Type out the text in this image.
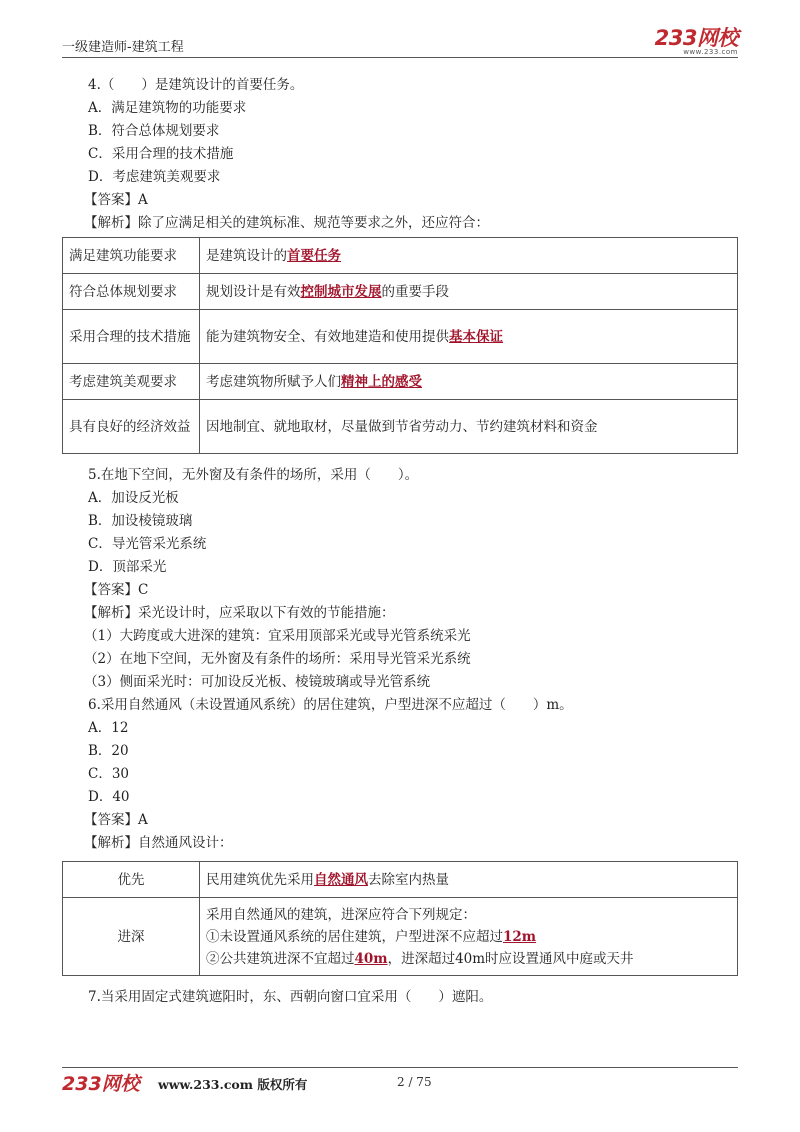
一级建造师-建筑工程	233网校
www.233.com
4.（　　）是建筑设计的首要任务。
A．满足建筑物的功能要求
B．符合总体规划要求
C．采用合理的技术措施
D．考虑建筑美观要求
【答案】A
【解析】除了应满足相关的建筑标准、规范等要求之外，还应符合：
满足建筑功能要求	是建筑设计的首要任务
符合总体规划要求	规划设计是有效控制城市发展的重要手段
采用合理的技术措施	能为建筑物安全、有效地建造和使用提供基本保证
考虑建筑美观要求	考虑建筑物所赋予人们精神上的感受
具有良好的经济效益	因地制宜、就地取材，尽量做到节省劳动力、节约建筑材料和资金
5.在地下空间，无外窗及有条件的场所，采用（　　）。
A．加设反光板
B．加设棱镜玻璃
C．导光管采光系统
D．顶部采光
【答案】C
【解析】采光设计时，应采取以下有效的节能措施：
（1）大跨度或大进深的建筑：宜采用顶部采光或导光管系统采光
（2）在地下空间，无外窗及有条件的场所：采用导光管采光系统
（3）侧面采光时：可加设反光板、棱镜玻璃或导光管系统
6.采用自然通风（未设置通风系统）的居住建筑，户型进深不应超过（　　）m。
A．12
B．20
C．30
D．40
【答案】A
【解析】自然通风设计：
优先	民用建筑优先采用自然通风去除室内热量
进深	采用自然通风的建筑，进深应符合下列规定：
①未设置通风系统的居住建筑，户型进深不应超过12m
②公共建筑进深不宜超过40m，进深超过40m时应设置通风中庭或天井
7.当采用固定式建筑遮阳时，东、西朝向窗口宜采用（　　）遮阳。
233网校 www.233.com 版权所有	2 / 75
